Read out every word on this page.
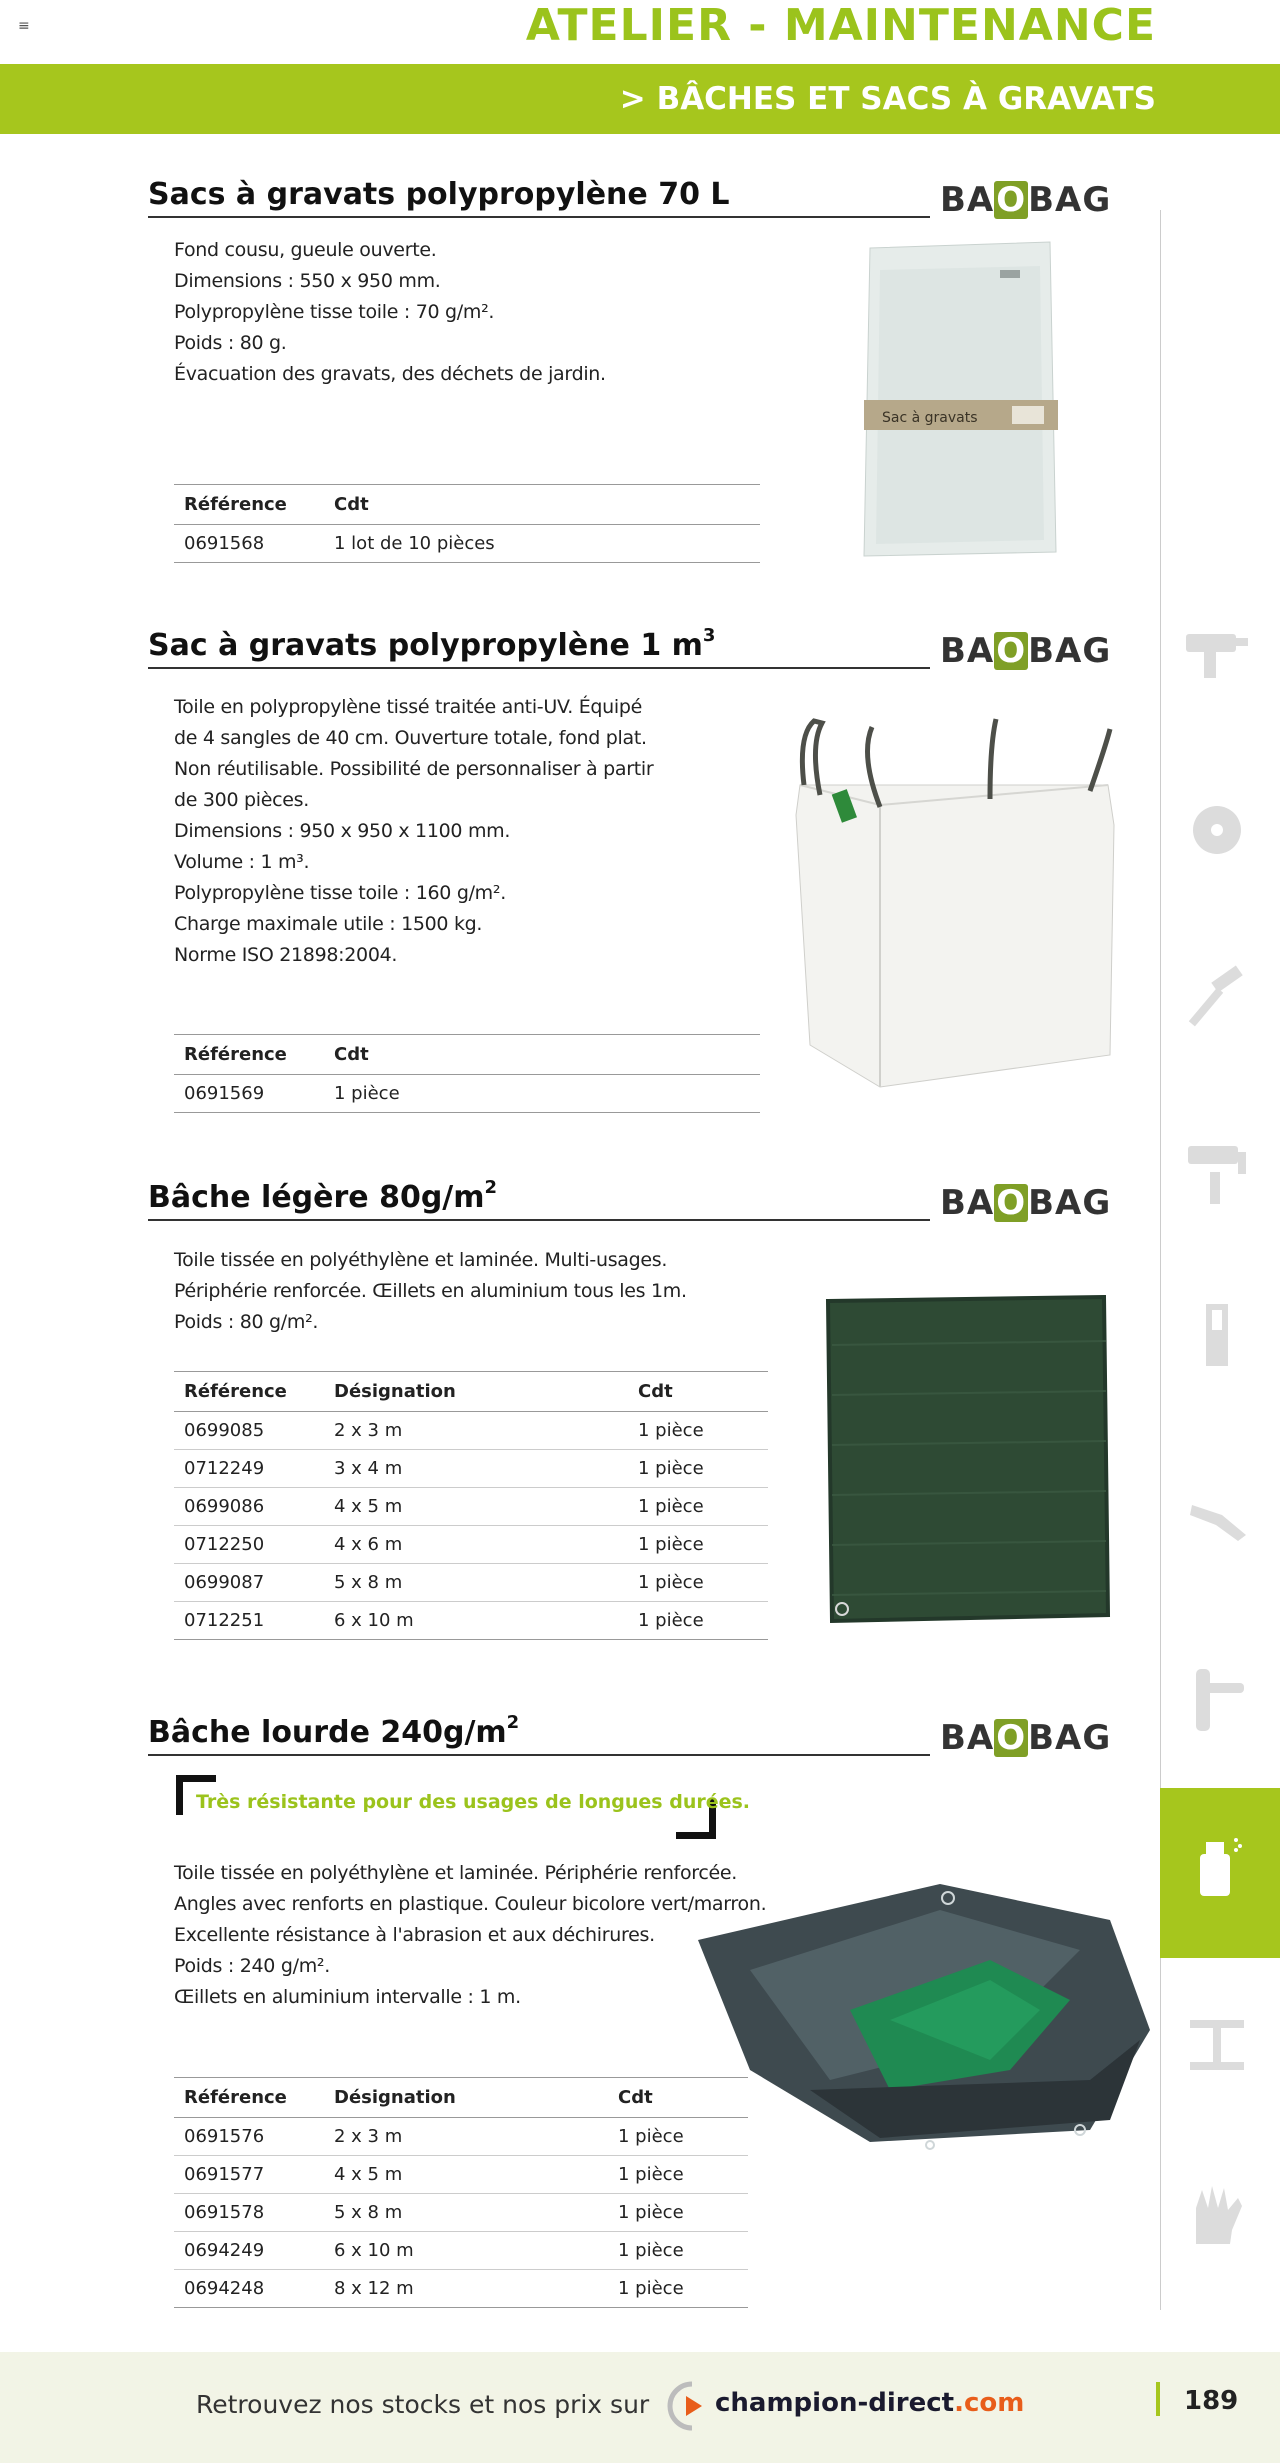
≡	ATELIER - MAINTENANCE
> BÂCHES ET SACS À GRAVATS
Sacs à gravats polypropylène 70 L	BAOBAG

Fond cousu, gueule ouverte.

Dimensions : 550 x 950 mm.

Polypropylène tisse toile : 70 g/m².

Poids : 80 g.

Évacuation des gravats, des déchets de jardin.

Référence	Cdt
0691568	1 lot de 10 pièces
Sac à gravats
Sac à gravats polypropylène 1 $m^3$	BAOBAG

Toile en polypropylène tissé traitée anti-UV. Équipé

de 4 sangles de 40 cm. Ouverture totale, fond plat.

Non réutilisable. Possibilité de personnaliser à partir

de 300 pièces.

Dimensions : 950 x 950 x 1100 mm.

Volume : 1 m³.

Polypropylène tisse toile : 160 g/m².

Charge maximale utile : 1500 kg.

Norme ISO 21898:2004.

Référence	Cdt
0691569	1 pièce
Bâche légère $80g/m^2$	BAOBAG

Toile tissée en polyéthylène et laminée. Multi-usages.

Périphérie renforcée. Œillets en aluminium tous les 1m.

Poids : 80 g/m².

Référence	Désignation	Cdt
0699085	2 x 3 m	1 pièce
0712249	3 x 4 m	1 pièce
0699086	4 x 5 m	1 pièce
0712250	4 x 6 m	1 pièce
0699087	5 x 8 m	1 pièce
0712251	6 x 10 m	1 pièce
Bâche lourde $240g/m^2$	BAOBAG
Très résistante pour des usages de longues durées.

Toile tissée en polyéthylène et laminée. Périphérie renforcée.

Angles avec renforts en plastique. Couleur bicolore vert/marron.

Excellente résistance à l'abrasion et aux déchirures.

Poids : 240 g/m².

Œillets en aluminium intervalle : 1 m.

Référence	Désignation	Cdt
0691576	2 x 3 m	1 pièce
0691577	4 x 5 m	1 pièce
0691578	5 x 8 m	1 pièce
0694249	6 x 10 m	1 pièce
0694248	8 x 12 m	1 pièce
Retrouvez nos stocks et nos prix sur	champion-direct.com	189
